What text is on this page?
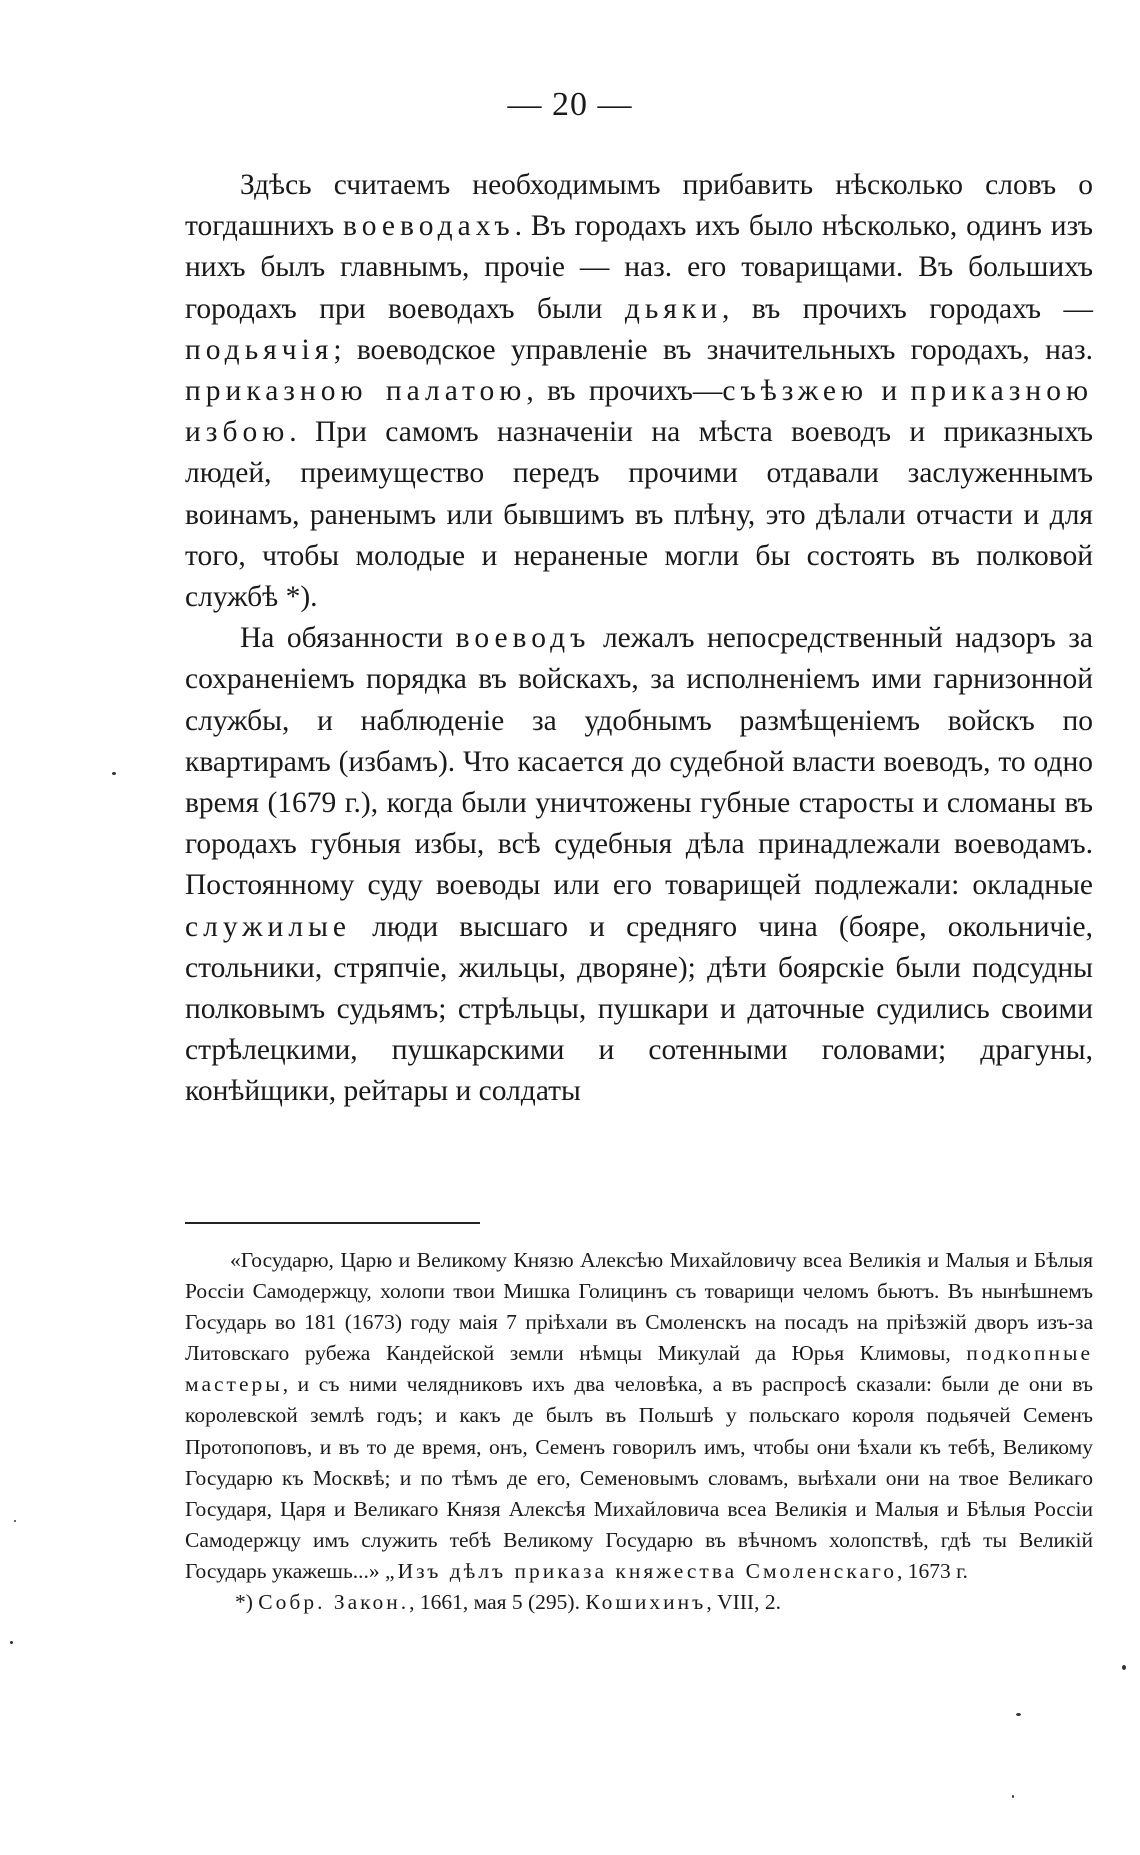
— 20 —

Здѣсь считаемъ необходимымъ прибавить нѣсколько словъ о тогдашнихъ воеводахъ. Въ городахъ ихъ было нѣсколько, одинъ изъ нихъ былъ главнымъ, прочіе — наз. его товарищами. Въ большихъ городахъ при воеводахъ были дьяки, въ прочихъ городахъ — подьячія; воеводское управленіе въ значительныхъ городахъ, наз. приказною палатою, въ прочихъ—съѣзжею и приказною избою. При самомъ назначеніи на мѣста воеводъ и приказныхъ людей, преимущество передъ прочими отдавали заслуженнымъ воинамъ, раненымъ или бывшимъ въ плѣну, это дѣлали отчасти и для того, чтобы молодые и нераненые могли бы состоять въ полковой службѣ *).

На обязанности воеводъ лежалъ непосредственный надзоръ за сохраненіемъ порядка въ войскахъ, за исполненіемъ ими гарнизонной службы, и наблюденіе за удобнымъ размѣщеніемъ войскъ по квартирамъ (избамъ). Что касается до судебной власти воеводъ, то одно время (1679 г.), когда были уничтожены губные старосты и сломаны въ городахъ губныя избы, всѣ судебныя дѣла принадлежали воеводамъ. Постоянному суду воеводы или его товарищей подлежали: окладные служилые люди высшаго и средняго чина (бояре, окольничіе, стольники, стряпчіе, жильцы, дворяне); дѣти боярскіе были подсудны полковымъ судьямъ; стрѣльцы, пушкари и даточные судились своими стрѣлецкими, пушкарскими и сотенными головами; драгуны, конѣйщики, рейтары и солдаты

«Государю, Царю и Великому Князю Алексѣю Михайловичу всеа Великія и Малыя и Бѣлыя Россіи Самодержцу, холопи твои Мишка Голицинъ съ товарищи челомъ бьютъ. Въ нынѣшнемъ Государь во 181 (1673) году маія 7 пріѣхали въ Смоленскъ на посадъ на пріѣзжій дворъ изъ-за Литовскаго рубежа Кандейской земли нѣмцы Микулай да Юрья Климовы, подкопные мастеры, и съ ними челядниковъ ихъ два человѣка, а въ распросѣ сказали: были де они въ королевской землѣ годъ; и какъ де былъ въ Польшѣ у польскаго короля подьячей Семенъ Протопоповъ, и въ то де время, онъ, Семенъ говорилъ имъ, чтобы они ѣхали къ тебѣ, Великому Государю къ Москвѣ; и по тѣмъ де его, Семеновымъ словамъ, выѣхали они на твое Великаго Государя, Царя и Великаго Князя Алексѣя Михайловича всеа Великія и Малыя и Бѣлыя Россіи Самодержцу имъ служить тебѣ Великому Государю въ вѣчномъ холопствѣ, гдѣ ты Великій Государь укажешь...» „Изъ дѣлъ приказа княжества Смоленскаго, 1673 г.

*) Собр. Закон., 1661, мая 5 (295). Кошихинъ, VIII, 2.
